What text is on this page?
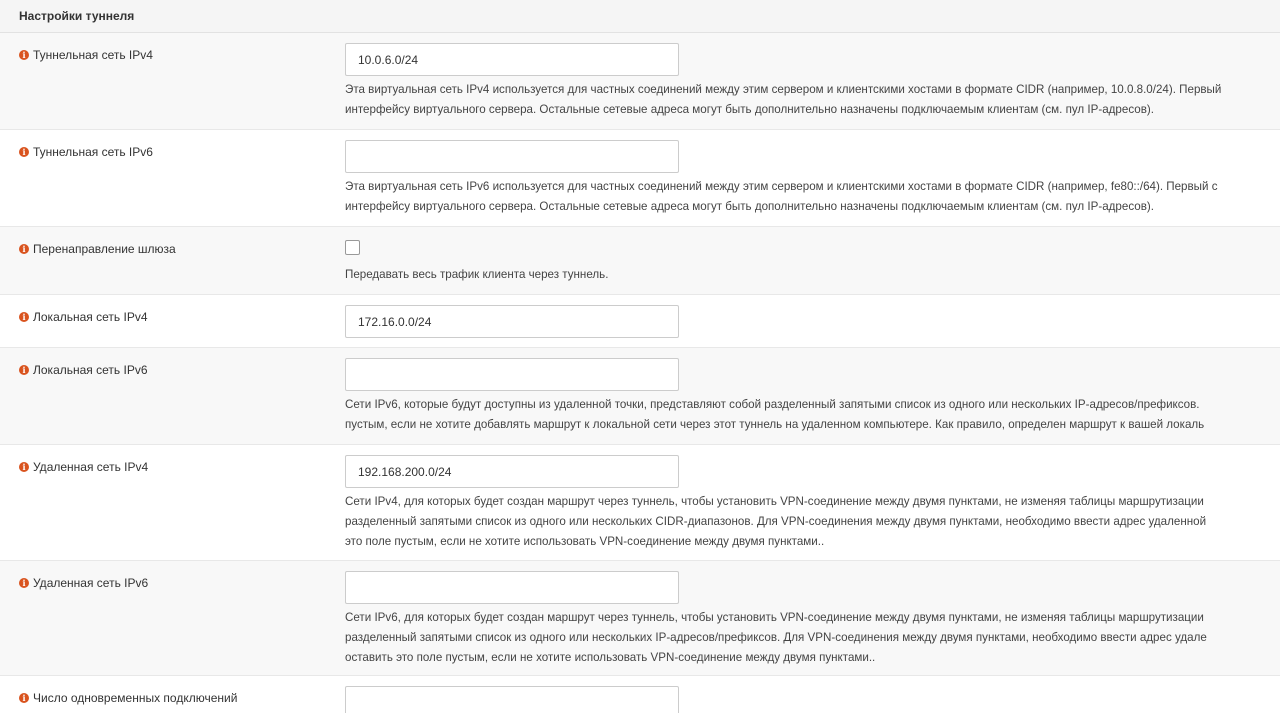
Настройки туннеля
i Туннельная сеть IPv4
10.0.6.0/24
Эта виртуальная сеть IPv4 используется для частных соединений между этим сервером и клиентскими хостами в формате CIDR (например, 10.0.8.0/24). Первый
интерфейсу виртуального сервера. Остальные сетевые адреса могут быть дополнительно назначены подключаемым клиентам (см. пул IP-адресов).
i Туннельная сеть IPv6
Эта виртуальная сеть IPv6 используется для частных соединений между этим сервером и клиентскими хостами в формате CIDR (например, fe80::/64). Первый с
интерфейсу виртуального сервера. Остальные сетевые адреса могут быть дополнительно назначены подключаемым клиентам (см. пул IP-адресов).
i Перенаправление шлюза
Передавать весь трафик клиента через туннель.
i Локальная сеть IPv4
172.16.0.0/24
i Локальная сеть IPv6
Сети IPv6, которые будут доступны из удаленной точки, представляют собой разделенный запятыми список из одного или нескольких IP-адресов/префиксов.
пустым, если не хотите добавлять маршрут к локальной сети через этот туннель на удаленном компьютере. Как правило, определен маршрут к вашей локаль
i Удаленная сеть IPv4
192.168.200.0/24
Сети IPv4, для которых будет создан маршрут через туннель, чтобы установить VPN-соединение между двумя пунктами, не изменяя таблицы маршрутизации
разделенный запятыми список из одного или нескольких CIDR-диапазонов. Для VPN-соединения между двумя пунктами, необходимо ввести адрес удаленной
это поле пустым, если не хотите использовать VPN-соединение между двумя пунктами..
i Удаленная сеть IPv6
Сети IPv6, для которых будет создан маршрут через туннель, чтобы установить VPN-соединение между двумя пунктами, не изменяя таблицы маршрутизации
разделенный запятыми список из одного или нескольких IP-адресов/префиксов. Для VPN-соединения между двумя пунктами, необходимо ввести адрес удале
оставить это поле пустым, если не хотите использовать VPN-соединение между двумя пунктами..
i Число одновременных подключений
